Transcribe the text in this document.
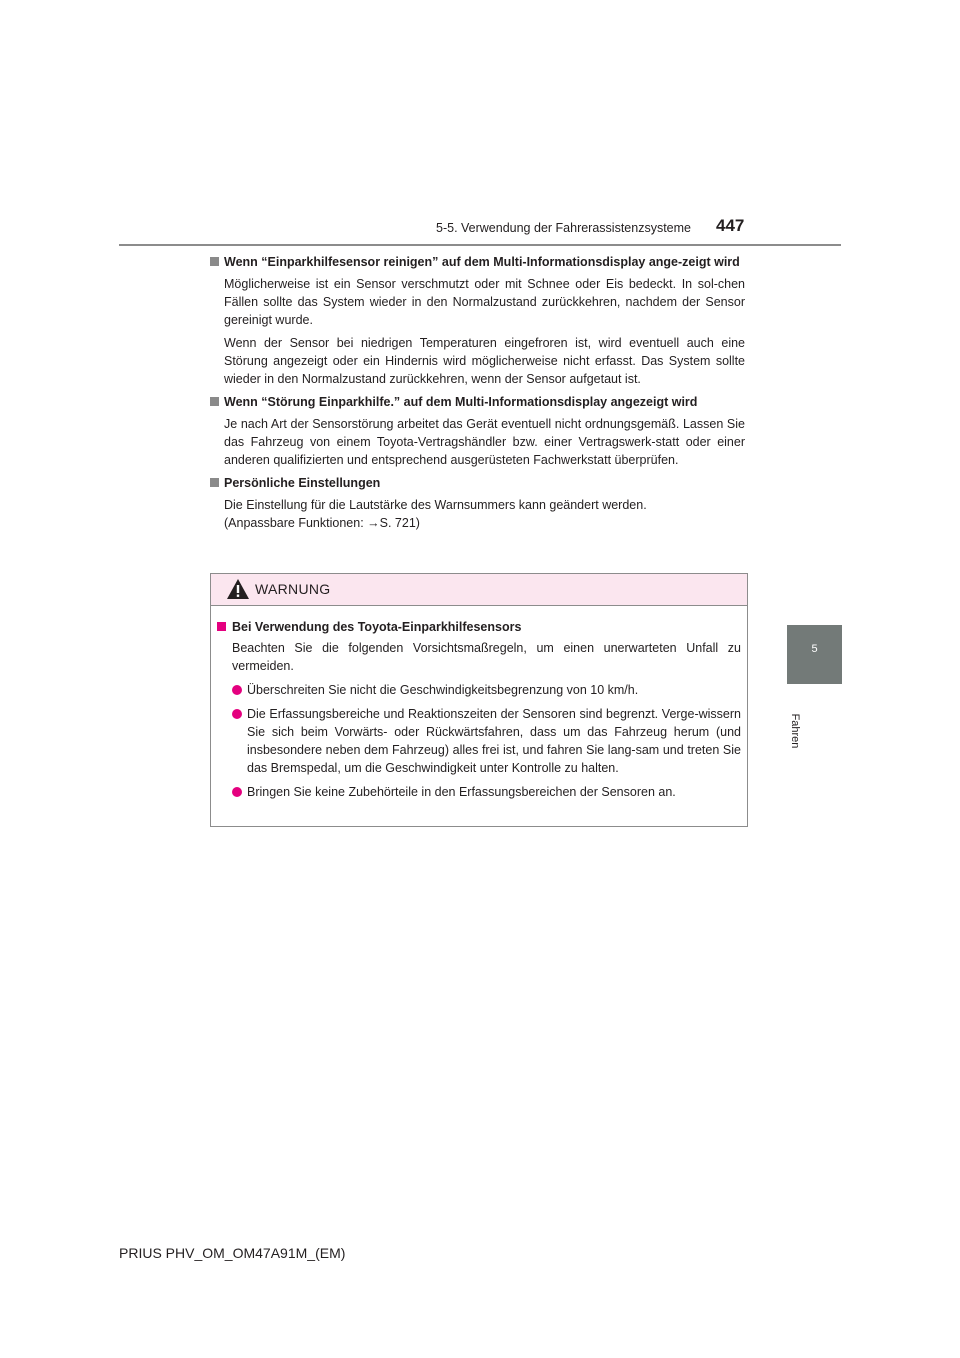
5-5. Verwendung der Fahrerassistenzsysteme 447
5
Fahren
Wenn “Einparkhilfesensor reinigen” auf dem Multi-Informationsdisplay ange-zeigt wird

Möglicherweise ist ein Sensor verschmutzt oder mit Schnee oder Eis bedeckt. In sol-chen Fällen sollte das System wieder in den Normalzustand zurückkehren, nachdem der Sensor gereinigt wurde.

Wenn der Sensor bei niedrigen Temperaturen eingefroren ist, wird eventuell auch eine Störung angezeigt oder ein Hindernis wird möglicherweise nicht erfasst. Das System sollte wieder in den Normalzustand zurückkehren, wenn der Sensor aufgetaut ist.

Wenn “Störung Einparkhilfe.” auf dem Multi-Informationsdisplay angezeigt wird

Je nach Art der Sensorstörung arbeitet das Gerät eventuell nicht ordnungsgemäß. Lassen Sie das Fahrzeug von einem Toyota-Vertragshändler bzw. einer Vertragswerk-statt oder einer anderen qualifizierten und entsprechend ausgerüsteten Fachwerkstatt überprüfen.

Persönliche Einstellungen

Die Einstellung für die Lautstärke des Warnsummers kann geändert werden.

(Anpassbare Funktionen: →S. 721)

WARNUNG
Bei Verwendung des Toyota-Einparkhilfesensors

Beachten Sie die folgenden Vorsichtsmaßregeln, um einen unerwarteten Unfall zu vermeiden.

Überschreiten Sie nicht die Geschwindigkeitsbegrenzung von 10 km/h.
Die Erfassungsbereiche und Reaktionszeiten der Sensoren sind begrenzt. Verge-wissern Sie sich beim Vorwärts- oder Rückwärtsfahren, dass um das Fahrzeug herum (und insbesondere neben dem Fahrzeug) alles frei ist, und fahren Sie lang-sam und treten Sie das Bremspedal, um die Geschwindigkeit unter Kontrolle zu halten.
Bringen Sie keine Zubehörteile in den Erfassungsbereichen der Sensoren an.
PRIUS PHV_OM_OM47A91M_(EM)
